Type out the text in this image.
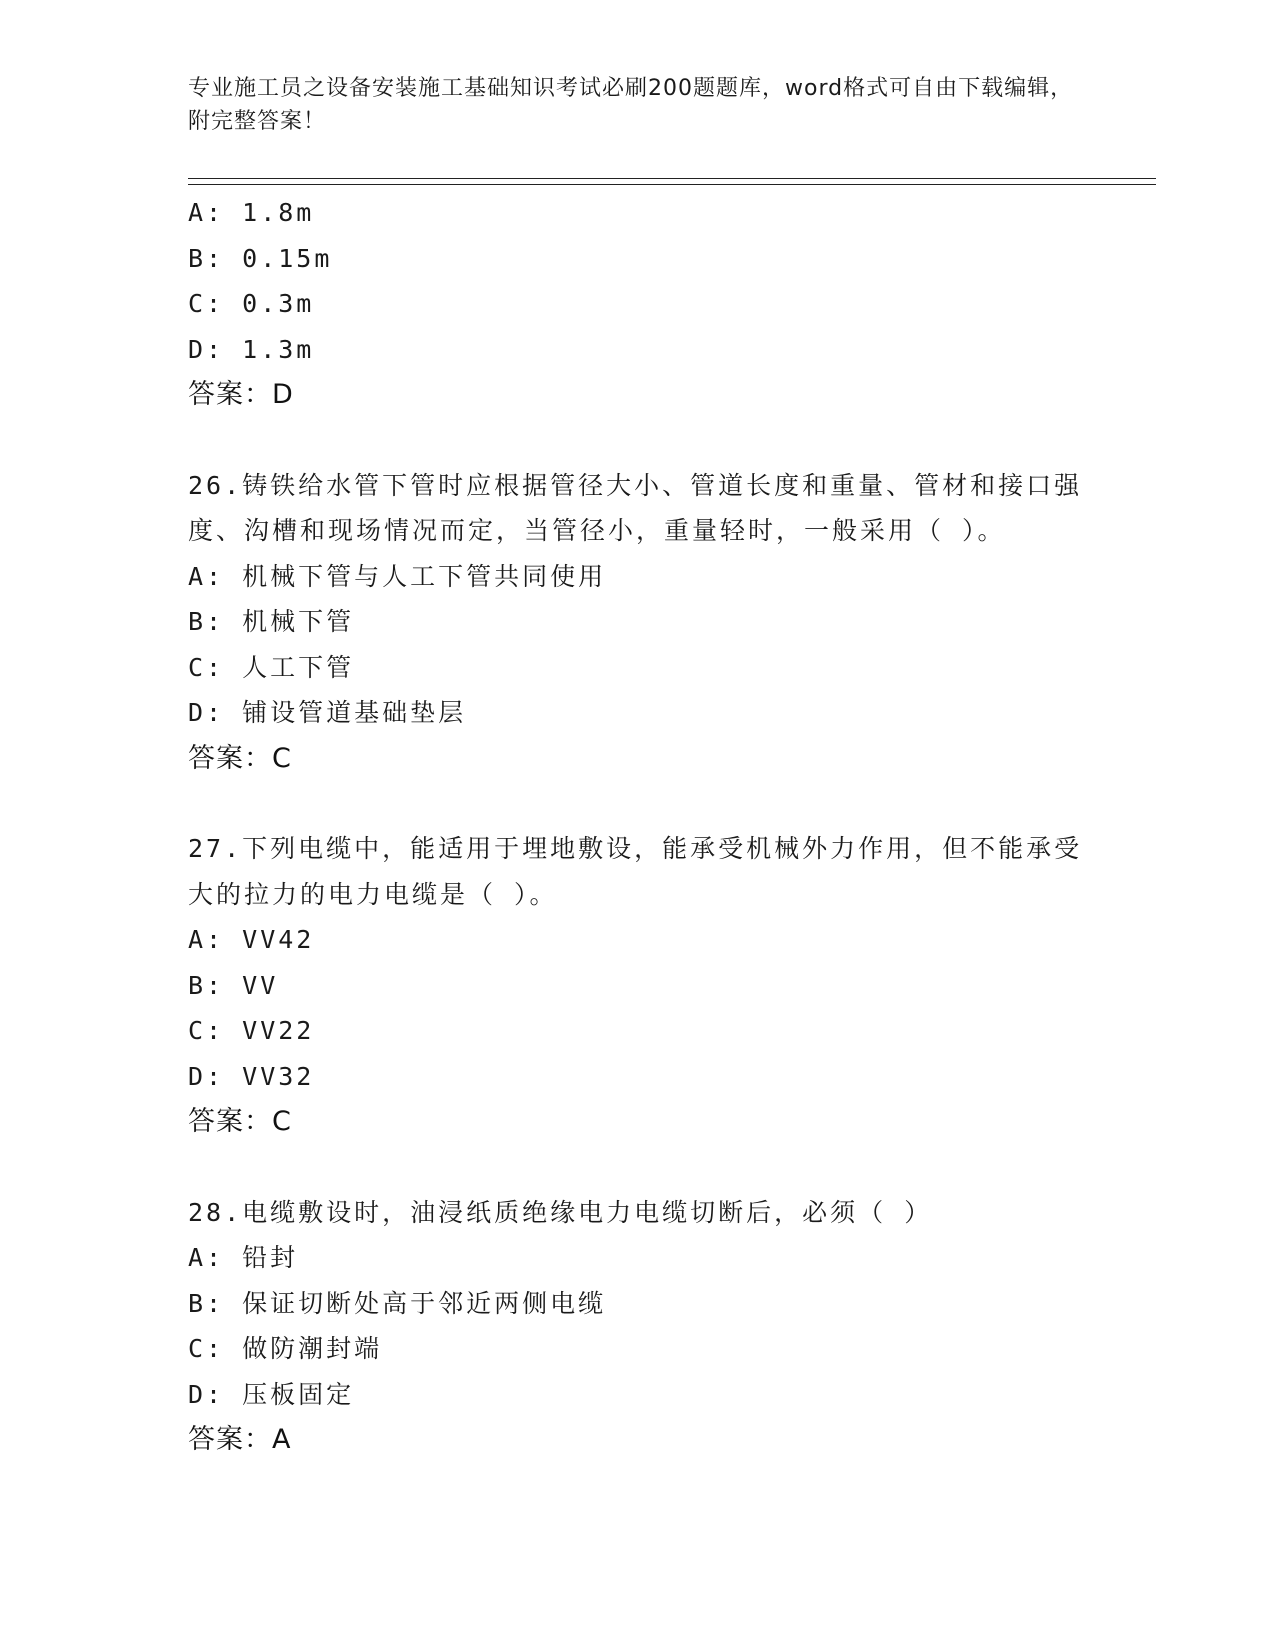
专业施工员之设备安装施工基础知识考试必刷200题题库，word格式可自由下载编辑，附完整答案！
A: 1.8m
B: 0.15m
C: 0.3m
D: 1.3m
答案：D
26.铸铁给水管下管时应根据管径大小、管道长度和重量、管材和接口强度、沟槽和现场情况而定，当管径小，重量轻时，一般采用（ ）。
A: 机械下管与人工下管共同使用
B: 机械下管
C: 人工下管
D: 铺设管道基础垫层
答案：C
27.下列电缆中，能适用于埋地敷设，能承受机械外力作用，但不能承受大的拉力的电力电缆是（ ）。
A: VV42
B: VV
C: VV22
D: VV32
答案：C
28.电缆敷设时，油浸纸质绝缘电力电缆切断后，必须（ ）
A: 铅封
B: 保证切断处高于邻近两侧电缆
C: 做防潮封端
D: 压板固定
答案：A
